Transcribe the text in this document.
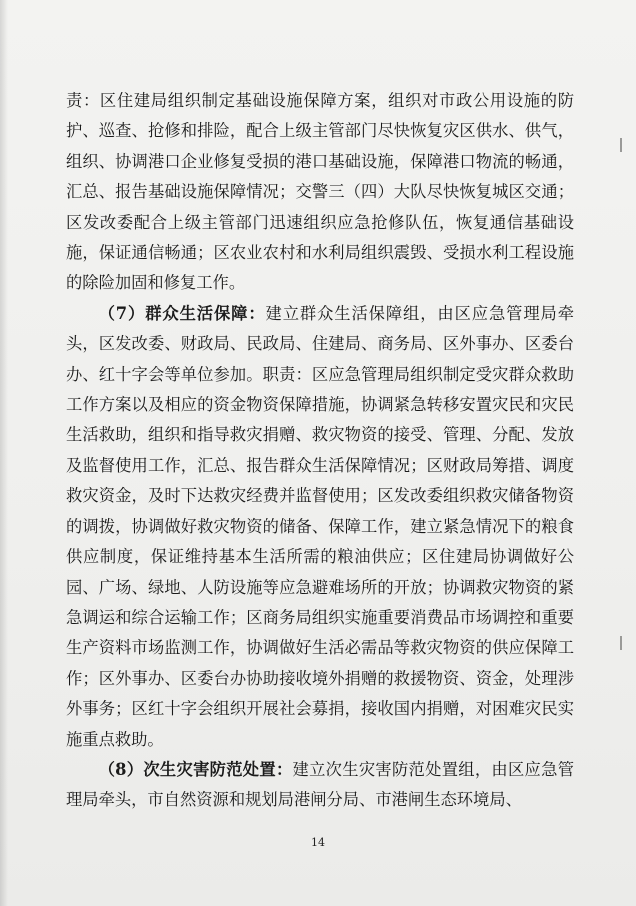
责：区住建局组织制定基础设施保障方案，组织对市政公用设施的防护、巡查、抢修和排险，配合上级主管部门尽快恢复灾区供水、供气，组织、协调港口企业修复受损的港口基础设施，保障港口物流的畅通，汇总、报告基础设施保障情况；交警三（四）大队尽快恢复城区交通；区发改委配合上级主管部门迅速组织应急抢修队伍，恢复通信基础设施，保证通信畅通；区农业农村和水利局组织震毁、受损水利工程设施的除险加固和修复工作。

（7）群众生活保障：建立群众生活保障组，由区应急管理局牵头，区发改委、财政局、民政局、住建局、商务局、区外事办、区委台办、红十字会等单位参加。职责：区应急管理局组织制定受灾群众救助工作方案以及相应的资金物资保障措施，协调紧急转移安置灾民和灾民生活救助，组织和指导救灾捐赠、救灾物资的接受、管理、分配、发放及监督使用工作，汇总、报告群众生活保障情况；区财政局筹措、调度救灾资金，及时下达救灾经费并监督使用；区发改委组织救灾储备物资的调拨，协调做好救灾物资的储备、保障工作，建立紧急情况下的粮食供应制度，保证维持基本生活所需的粮油供应；区住建局协调做好公园、广场、绿地、人防设施等应急避难场所的开放；协调救灾物资的紧急调运和综合运输工作；区商务局组织实施重要消费品市场调控和重要生产资料市场监测工作，协调做好生活必需品等救灾物资的供应保障工作；区外事办、区委台办协助接收境外捐赠的救援物资、资金，处理涉外事务；区红十字会组织开展社会募捐，接收国内捐赠，对困难灾民实施重点救助。

（8）次生灾害防范处置：建立次生灾害防范处置组，由区应急管理局牵头，市自然资源和规划局港闸分局、市港闸生态环境局、

14
